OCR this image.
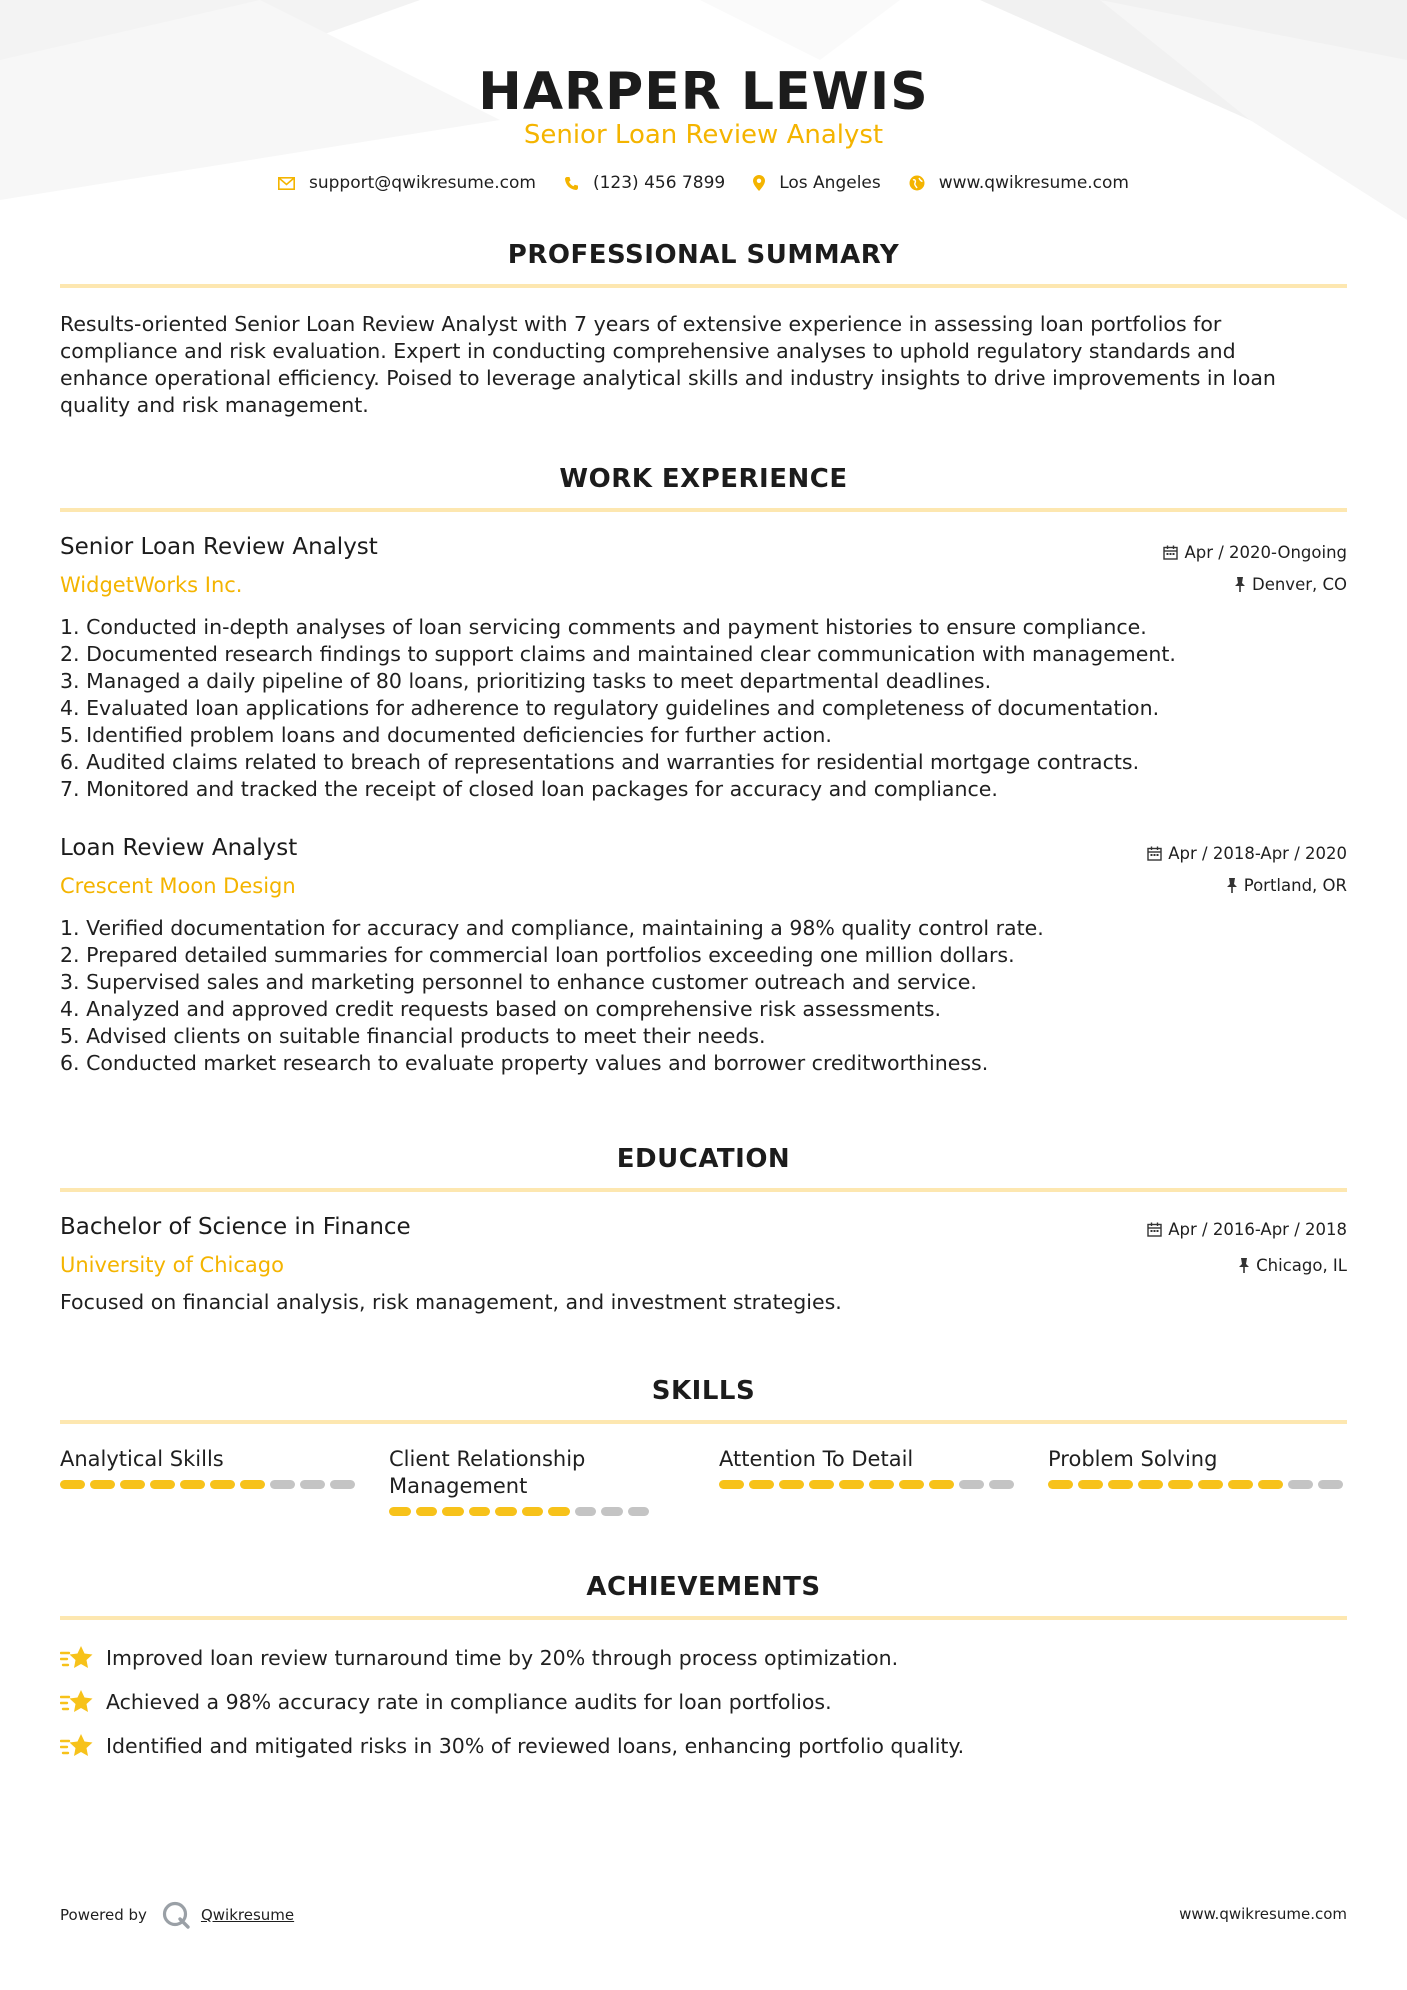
HARPER LEWIS
Senior Loan Review Analyst
support@qwikresume.com	(123) 456 7899	Los Angeles	www.qwikresume.com
PROFESSIONAL SUMMARY
Results-oriented Senior Loan Review Analyst with 7 years of extensive experience in assessing loan portfolios for
compliance and risk evaluation. Expert in conducting comprehensive analyses to uphold regulatory standards and
enhance operational efficiency. Poised to leverage analytical skills and industry insights to drive improvements in loan
quality and risk management.
WORK EXPERIENCE
Senior Loan Review Analyst
WidgetWorks Inc.
Apr / 2020-Ongoing
Denver, CO
1. Conducted in-depth analyses of loan servicing comments and payment histories to ensure compliance.
2. Documented research findings to support claims and maintained clear communication with management.
3. Managed a daily pipeline of 80 loans, prioritizing tasks to meet departmental deadlines.
4. Evaluated loan applications for adherence to regulatory guidelines and completeness of documentation.
5. Identified problem loans and documented deficiencies for further action.
6. Audited claims related to breach of representations and warranties for residential mortgage contracts.
7. Monitored and tracked the receipt of closed loan packages for accuracy and compliance.
Loan Review Analyst
Crescent Moon Design
Apr / 2018-Apr / 2020
Portland, OR
1. Verified documentation for accuracy and compliance, maintaining a 98% quality control rate.
2. Prepared detailed summaries for commercial loan portfolios exceeding one million dollars.
3. Supervised sales and marketing personnel to enhance customer outreach and service.
4. Analyzed and approved credit requests based on comprehensive risk assessments.
5. Advised clients on suitable financial products to meet their needs.
6. Conducted market research to evaluate property values and borrower creditworthiness.
EDUCATION
Bachelor of Science in Finance
University of Chicago
Apr / 2016-Apr / 2018
Chicago, IL
Focused on financial analysis, risk management, and investment strategies.
SKILLS
Analytical Skills	Client Relationship Management
Attention To Detail	Problem Solving
ACHIEVEMENTS
Improved loan review turnaround time by 20% through process optimization.
Achieved a 98% accuracy rate in compliance audits for loan portfolios.
Identified and mitigated risks in 30% of reviewed loans, enhancing portfolio quality.
Powered by	Qwikresume	www.qwikresume.com
